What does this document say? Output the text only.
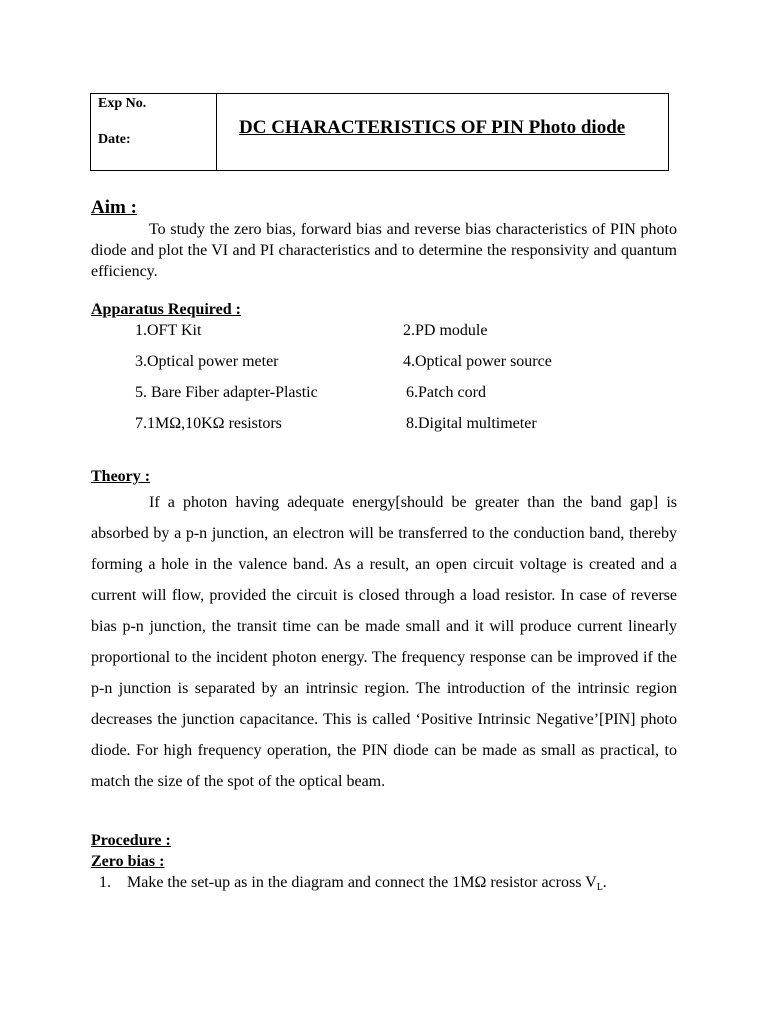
Exp No.
Date:
DC CHARACTERISTICS OF PIN Photo diode
Aim :
To study the zero bias, forward bias and reverse bias characteristics of PIN photo diode and plot the VI and PI characteristics and to determine the responsivity and quantum efficiency.
Apparatus Required :
1.OFT Kit	2.PD module
3.Optical power meter	4.Optical power source
5. Bare Fiber adapter-Plastic	6.Patch cord
7.1MΩ,10KΩ resistors	8.Digital multimeter
Theory :
If a photon having adequate energy[should be greater than the band gap] is absorbed by a p-n junction, an electron will be transferred to the conduction band, thereby forming a hole in the valence band. As a result, an open circuit voltage is created and a current will flow, provided the circuit is closed through a load resistor. In case of reverse bias p-n junction, the transit time can be made small and it will produce current linearly proportional to the incident photon energy. The frequency response can be improved if the p-n junction is separated by an intrinsic region. The introduction of the intrinsic region decreases the junction capacitance. This is called ‘Positive Intrinsic Negative’[PIN] photo diode. For high frequency operation, the PIN diode can be made as small as practical, to match the size of the spot of the optical beam.
Procedure :
Zero bias :
1. Make the set-up as in the diagram and connect the 1MΩ resistor across $V_L$.
